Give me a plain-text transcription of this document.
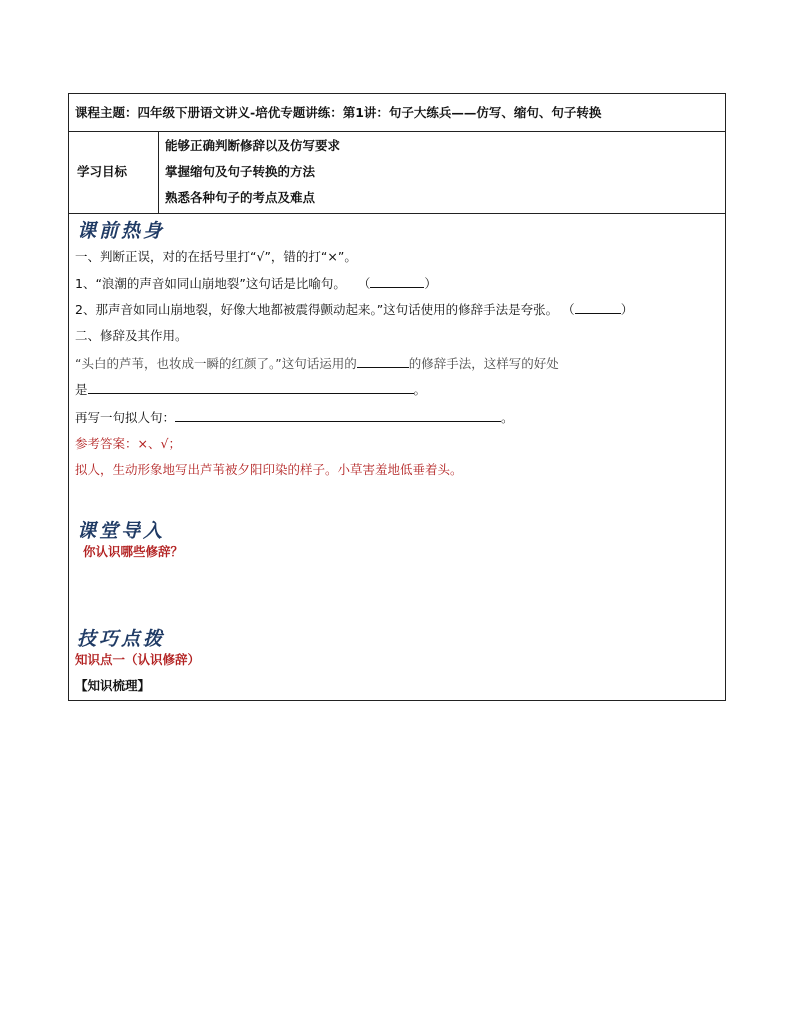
课程主题：四年级下册语文讲义-培优专题讲练：第1讲：句子大练兵——仿写、缩句、句子转换
学习目标
能够正确判断修辞以及仿写要求
掌握缩句及句子转换的方法
熟悉各种句子的考点及难点
课前热身
一、判断正误，对的在括号里打“√”，错的打“×”。
1、“浪潮的声音如同山崩地裂”这句话是比喻句。 （	）
2、那声音如同山崩地裂，好像大地都被震得颤动起来。”这句话使用的修辞手法是夸张。 （	）
二、修辞及其作用。
“头白的芦苇，也妆成一瞬的红颜了。”这句话运用的	的修辞手法，这样写的好处
是	。
再写一句拟人句：	。
参考答案：×、√；
拟人，生动形象地写出芦苇被夕阳印染的样子。小草害羞地低垂着头。
课堂导入
你认识哪些修辞？
技巧点拨
知识点一（认识修辞）
【知识梳理】
